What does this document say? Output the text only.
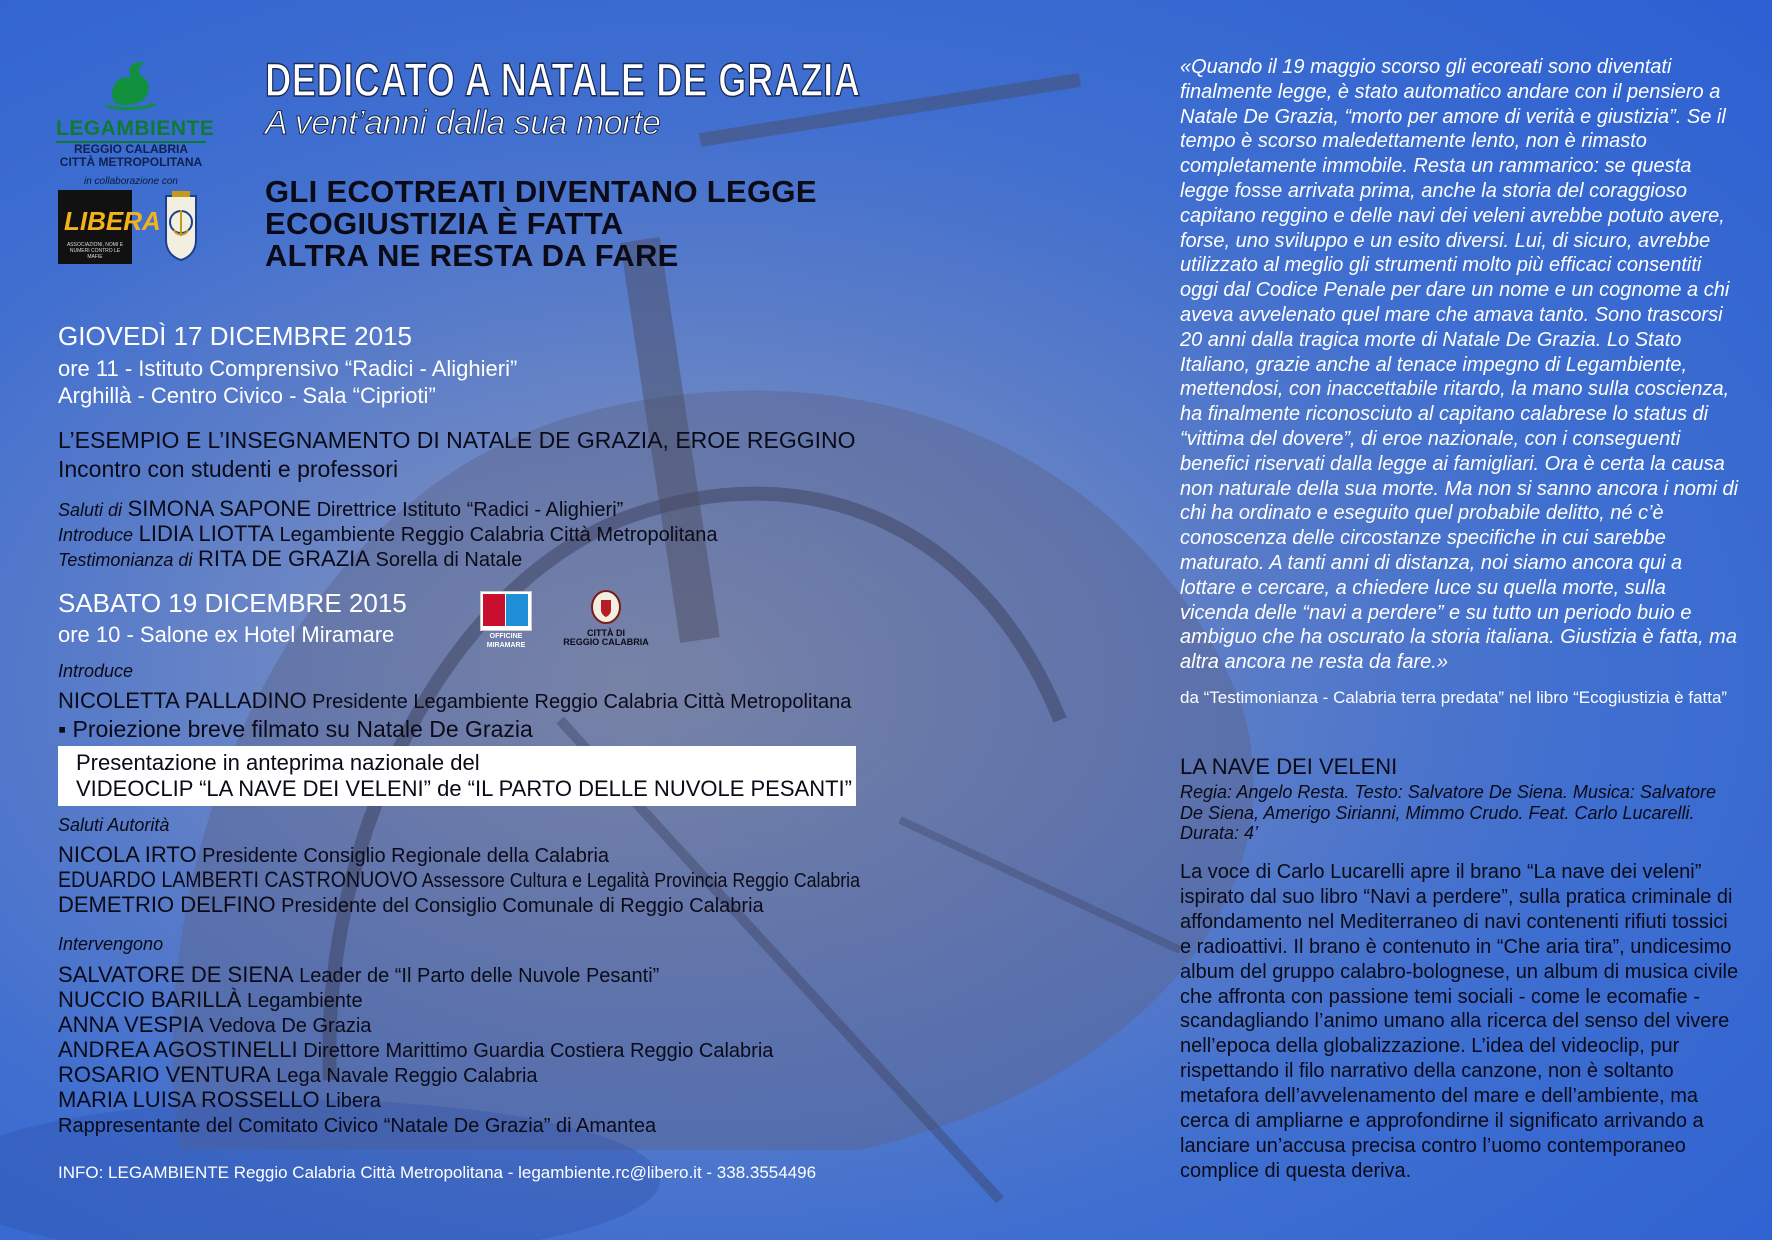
LEGAMBIENTE
REGGIO CALABRIA
CITTÀ METROPOLITANA
in collaborazione con
LIBERA
ASSOCIAZIONI, NOMI E NUMERI CONTRO LE MAFIE
DEDICATO A NATALE DE GRAZIA
A vent’anni dalla sua morte
GLI ECOTREATI DIVENTANO LEGGE
ECOGIUSTIZIA È FATTA
ALTRA NE RESTA DA FARE
GIOVEDÌ 17 DICEMBRE 2015
ore 11 - Istituto Comprensivo “Radici - Alighieri”
Arghillà - Centro Civico - Sala “Ciprioti”
L’ESEMPIO E L’INSEGNAMENTO DI NATALE DE GRAZIA, EROE REGGINO
Incontro con studenti e professori
Saluti di SIMONA SAPONE Direttrice Istituto “Radici - Alighieri”
Introduce LIDIA LIOTTA Legambiente Reggio Calabria Città Metropolitana
Testimonianza di RITA DE GRAZIA Sorella di Natale
SABATO 19 DICEMBRE 2015
ore 10 - Salone ex Hotel Miramare	OFFICINE
MIRAMARE
CITTÀ DI
REGGIO CALABRIA
Introduce
NICOLETTA PALLADINO Presidente Legambiente Reggio Calabria Città Metropolitana
▪ Proiezione breve filmato su Natale De Grazia
Presentazione in anteprima nazionale del
VIDEOCLIP “LA NAVE DEI VELENI” de “IL PARTO DELLE NUVOLE PESANTI”
Saluti Autorità
NICOLA IRTO Presidente Consiglio Regionale della Calabria
EDUARDO LAMBERTI CASTRONUOVO Assessore Cultura e Legalità Provincia Reggio Calabria
DEMETRIO DELFINO Presidente del Consiglio Comunale di Reggio Calabria
Intervengono
SALVATORE DE SIENA Leader de “Il Parto delle Nuvole Pesanti”
NUCCIO BARILLÀ Legambiente
ANNA VESPIA Vedova De Grazia
ANDREA AGOSTINELLI Direttore Marittimo Guardia Costiera Reggio Calabria
ROSARIO VENTURA Lega Navale Reggio Calabria
MARIA LUISA ROSSELLO Libera
Rappresentante del Comitato Civico “Natale De Grazia” di Amantea
INFO: LEGAMBIENTE Reggio Calabria Città Metropolitana - legambiente.rc@libero.it - 338.3554496
«Quando il 19 maggio scorso gli ecoreati sono diventati finalmente legge, è stato automatico andare con il pensiero a Natale De Grazia, “morto per amore di verità e giustizia”. Se il tempo è scorso maledettamente lento, non è rimasto completamente immobile. Resta un rammarico: se questa legge fosse arrivata prima, anche la storia del coraggioso capitano reggino e delle navi dei veleni avrebbe potuto avere, forse, uno sviluppo e un esito diversi. Lui, di sicuro, avrebbe utilizzato al meglio gli strumenti molto più efficaci consentiti oggi dal Codice Penale per dare un nome e un cognome a chi aveva avvelenato quel mare che amava tanto. Sono trascorsi 20 anni dalla tragica morte di Natale De Grazia. Lo Stato Italiano, grazie anche al tenace impegno di Legambiente, mettendosi, con inaccettabile ritardo, la mano sulla coscienza, ha finalmente riconosciuto al capitano calabrese lo status di “vittima del dovere”, di eroe nazionale, con i conseguenti benefici riservati dalla legge ai famigliari. Ora è certa la causa non naturale della sua morte. Ma non si sanno ancora i nomi di chi ha ordinato e eseguito quel probabile delitto, né c’è conoscenza delle circostanze specifiche in cui sarebbe maturato. A tanti anni di distanza, noi siamo ancora qui a lottare e cercare, a chiedere luce su quella morte, sulla vicenda delle “navi a perdere” e su tutto un periodo buio e ambiguo che ha oscurato la storia italiana. Giustizia è fatta, ma altra ancora ne resta da fare.»
da “Testimonianza - Calabria terra predata” nel libro “Ecogiustizia è fatta”
LA NAVE DEI VELENI
Regia: Angelo Resta. Testo: Salvatore De Siena. Musica: Salvatore De Siena, Amerigo Sirianni, Mimmo Crudo. Feat. Carlo Lucarelli. Durata: 4’
La voce di Carlo Lucarelli apre il brano “La nave dei veleni” ispirato dal suo libro “Navi a perdere”, sulla pratica criminale di affondamento nel Mediterraneo di navi contenenti rifiuti tossici e radioattivi. Il brano è contenuto in “Che aria tira”, undicesimo album del gruppo calabro-bolognese, un album di musica civile che affronta con passione temi sociali - come le ecomafie - scandagliando l’animo umano alla ricerca del senso del vivere nell’epoca della globalizzazione. L’idea del videoclip, pur rispettando il filo narrativo della canzone, non è soltanto metafora dell’avvelenamento del mare e dell’ambiente, ma cerca di ampliarne e approfondirne il significato arrivando a lanciare un’accusa precisa contro l’uomo contemporaneo complice di questa deriva.
